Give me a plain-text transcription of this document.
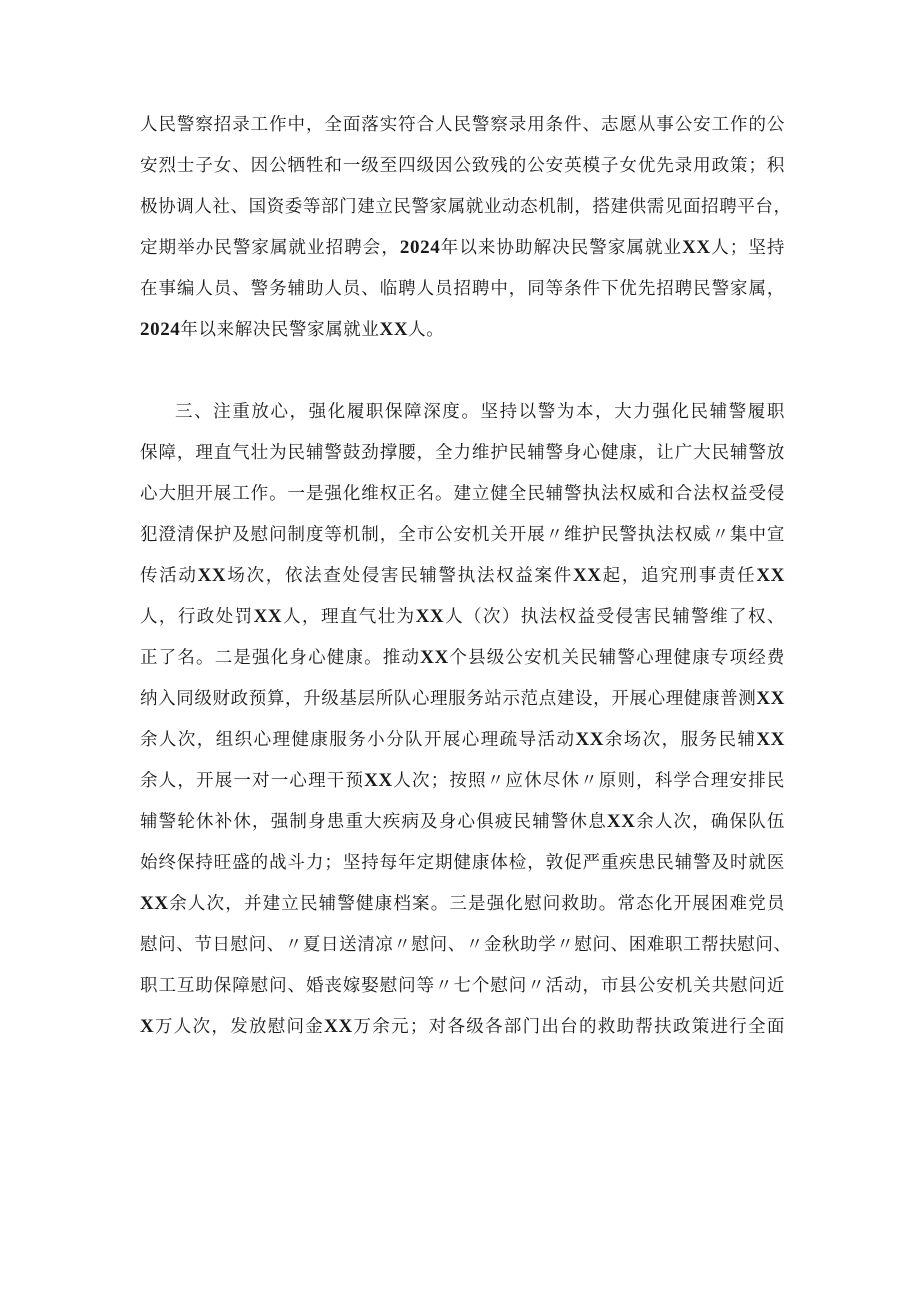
人民警察招录工作中，全面落实符合人民警察录用条件、志愿从事公安工作的公
安烈士子女、因公牺牲和一级至四级因公致残的公安英模子女优先录用政策；积
极协调人社、国资委等部门建立民警家属就业动态机制，搭建供需见面招聘平台，
定期举办民警家属就业招聘会，2024年以来协助解决民警家属就业XX人；坚持
在事编人员、警务辅助人员、临聘人员招聘中，同等条件下优先招聘民警家属，
2024年以来解决民警家属就业XX人。
三、注重放心，强化履职保障深度。坚持以警为本，大力强化民辅警履职
保障，理直气壮为民辅警鼓劲撑腰，全力维护民辅警身心健康，让广大民辅警放
心大胆开展工作。一是强化维权正名。建立健全民辅警执法权威和合法权益受侵
犯澄清保护及慰问制度等机制，全市公安机关开展〃维护民警执法权威〃集中宣
传活动XX场次，依法查处侵害民辅警执法权益案件XX起，追究刑事责任XX
人，行政处罚XX人，理直气壮为XX人（次）执法权益受侵害民辅警维了权、
正了名。二是强化身心健康。推动XX个县级公安机关民辅警心理健康专项经费
纳入同级财政预算，升级基层所队心理服务站示范点建设，开展心理健康普测XX
余人次，组织心理健康服务小分队开展心理疏导活动XX余场次，服务民辅XX
余人，开展一对一心理干预XX人次；按照〃应休尽休〃原则，科学合理安排民
辅警轮休补休，强制身患重大疾病及身心俱疲民辅警休息XX余人次，确保队伍
始终保持旺盛的战斗力；坚持每年定期健康体检，敦促严重疾患民辅警及时就医
XX余人次，并建立民辅警健康档案。三是强化慰问救助。常态化开展困难党员
慰问、节日慰问、〃夏日送清凉〃慰问、〃金秋助学〃慰问、困难职工帮扶慰问、
职工互助保障慰问、婚丧嫁娶慰问等〃七个慰问〃活动，市县公安机关共慰问近
X万人次，发放慰问金XX万余元；对各级各部门出台的救助帮扶政策进行全面
